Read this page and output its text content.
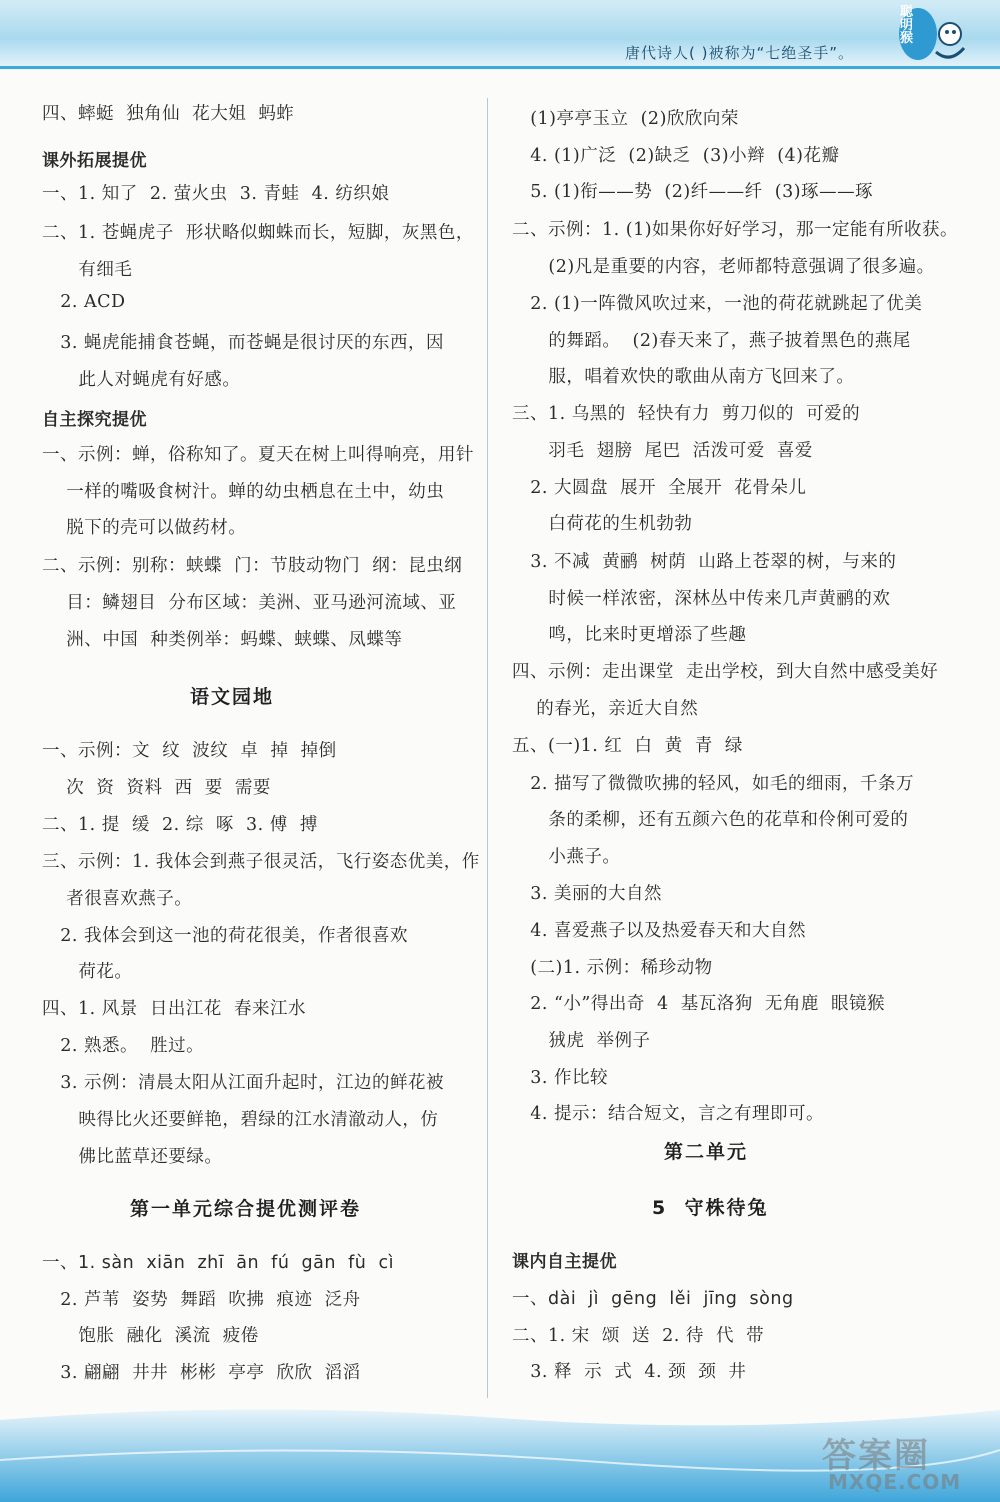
唐代诗人( )被称为“七绝圣手”。
聪明猴
四、蟀蜓  独角仙  花大姐  蚂蚱
课外拓展提优
一、1. 知了  2. 萤火虫  3. 青蛙  4. 纺织娘
二、1. 苍蝇虎子  形状略似蜘蛛而长，短脚，灰黑色，
有细毛
2. ACD
3. 蝇虎能捕食苍蝇，而苍蝇是很讨厌的东西，因
此人对蝇虎有好感。
自主探究提优
一、示例：蝉，俗称知了。夏天在树上叫得响亮，用针
一样的嘴吸食树汁。蝉的幼虫栖息在土中，幼虫
脱下的壳可以做药材。
二、示例：别称：蛱蝶  门：节肢动物门  纲：昆虫纲
目：鳞翅目  分布区域：美洲、亚马逊河流域、亚
洲、中国  种类例举：蚂蝶、蛱蝶、凤蝶等
语文园地
一、示例：文  纹  波纹  卓  掉  掉倒
次  资  资料  西  要  需要
二、1. 提  缓  2. 综  啄  3. 傅  搏
三、示例：1. 我体会到燕子很灵活，飞行姿态优美，作
者很喜欢燕子。
2. 我体会到这一池的荷花很美，作者很喜欢
荷花。
四、1. 风景  日出江花  春来江水
2. 熟悉。  胜过。
3. 示例：清晨太阳从江面升起时，江边的鲜花被
映得比火还要鲜艳，碧绿的江水清澈动人，仿
佛比蓝草还要绿。
第一单元综合提优测评卷
一、1. sàn  xiān  zhī  ān  fú  gān  fù  cì
2. 芦苇  姿势  舞蹈  吹拂  痕迹  泛舟
饱胀  融化  溪流  疲倦
3. 翩翩  井井  彬彬  亭亭  欣欣  滔滔
(1)亭亭玉立  (2)欣欣向荣
4. (1)广泛  (2)缺乏  (3)小辫  (4)花瓣
5. (1)衔——势  (2)纤——纤  (3)琢——琢
二、示例：1. (1)如果你好好学习，那一定能有所收获。
(2)凡是重要的内容，老师都特意强调了很多遍。
2. (1)一阵微风吹过来，一池的荷花就跳起了优美
的舞蹈。  (2)春天来了，燕子披着黑色的燕尾
服，唱着欢快的歌曲从南方飞回来了。
三、1. 乌黑的  轻快有力  剪刀似的  可爱的
羽毛  翅膀  尾巴  活泼可爱  喜爱
2. 大圆盘  展开  全展开  花骨朵儿
白荷花的生机勃勃
3. 不减  黄鹂  树荫  山路上苍翠的树，与来的
时候一样浓密，深林丛中传来几声黄鹂的欢
鸣，比来时更增添了些趣
四、示例：走出课堂  走出学校，到大自然中感受美好
的春光，亲近大自然
五、(一)1. 红  白  黄  青  绿
2. 描写了微微吹拂的轻风，如毛的细雨，千条万
条的柔柳，还有五颜六色的花草和伶俐可爱的
小燕子。
3. 美丽的大自然
4. 喜爱燕子以及热爱春天和大自然
(二)1. 示例：稀珍动物
2. “小”得出奇  4  基瓦洛狗  无角鹿  眼镜猴
狨虎  举例子
3. 作比较
4. 提示：结合短文，言之有理即可。
第二单元
5  守株待兔
课内自主提优
一、dài  jì  gēng  lěi  jīng  sòng
二、1. 宋  颂  送  2. 待  代  带
3. 释  示  式  4. 颈  颈  井
答案圈
MXQE.COM
